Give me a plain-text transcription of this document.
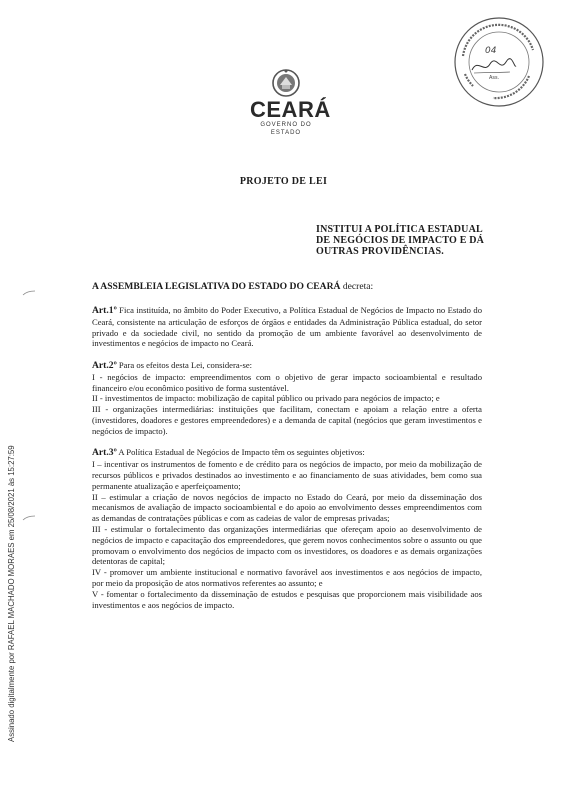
CEARÁ
GOVERNO DO ESTADO
04
Ass.
PROJETO DE LEI
INSTITUI A POLÍTICA ESTADUAL DE NEGÓCIOS DE IMPACTO E DÁ OUTRAS PROVIDÊNCIAS.
A ASSEMBLEIA LEGISLATIVA DO ESTADO DO CEARÁ decreta:

Art.1º Fica instituída, no âmbito do Poder Executivo, a Política Estadual de Negócios de Impacto no Estado do Ceará, consistente na articulação de esforços de órgãos e entidades da Administração Pública estadual, do setor privado e da sociedade civil, no sentido da promoção de um ambiente favorável ao desenvolvimento de investimentos e negócios de impacto no Ceará.

Art.2º Para os efeitos desta Lei, considera-se:

I - negócios de impacto: empreendimentos com o objetivo de gerar impacto socioambiental e resultado financeiro e/ou econômico positivo de forma sustentável.

II - investimentos de impacto: mobilização de capital público ou privado para negócios de impacto; e

III - organizações intermediárias: instituições que facilitam, conectam e apoiam a relação entre a oferta (investidores, doadores e gestores empreendedores) e a demanda de capital (negócios que geram investimentos e negócios de impacto).

Art.3º A Política Estadual de Negócios de Impacto têm os seguintes objetivos:

I – incentivar os instrumentos de fomento e de crédito para os negócios de impacto, por meio da mobilização de recursos públicos e privados destinados ao investimento e ao financiamento de suas atividades, bem como sua permanente atualização e aperfeiçoamento;

II – estimular a criação de novos negócios de impacto no Estado do Ceará, por meio da disseminação dos mecanismos de avaliação de impacto socioambiental e do apoio ao envolvimento desses empreendimentos com as demandas de contratações públicas e com as cadeias de valor de empresas privadas;

III - estimular o fortalecimento das organizações intermediárias que ofereçam apoio ao desenvolvimento de negócios de impacto e capacitação dos empreendedores, que gerem novos conhecimentos sobre o assunto ou que promovam o envolvimento dos negócios de impacto com os investidores, os doadores e as demais organizações detentoras de capital;

IV - promover um ambiente institucional e normativo favorável aos investimentos e aos negócios de impacto, por meio da proposição de atos normativos referentes ao assunto; e

V - fomentar o fortalecimento da disseminação de estudos e pesquisas que proporcionem mais visibilidade aos investimentos e aos negócios de impacto.

Assinado digitalmente por RAFAEL MACHADO MORAES em 25/08/2021 às 15:27:59
